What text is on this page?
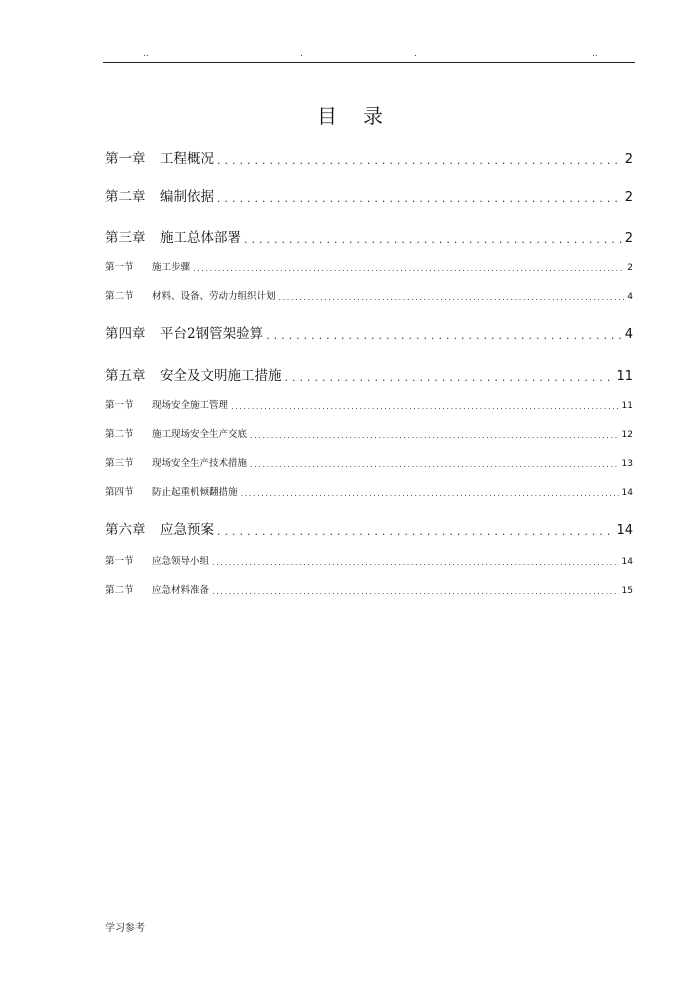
..	.	.	..
目录
第一章	工程概况 .....	2
第二章	编制依据 .....	2
第三章	施工总体部署 .....	2
第一节	施工步骤 .....	2
第二节	材料、设备、劳动力组织计划 .....	4
第四章	平台2钢管架验算 .....	4
第五章	安全及文明施工措施 .....	11
第一节	现场安全施工管理 .....	11
第二节	施工现场安全生产交底 .....	12
第三节	现场安全生产技术措施 .....	13
第四节	防止起重机倾翻措施 .....	14
第六章	应急预案 .....	14
第一节	应急领导小组 .....	14
第二节	应急材料准备 .....	15
学习参考
